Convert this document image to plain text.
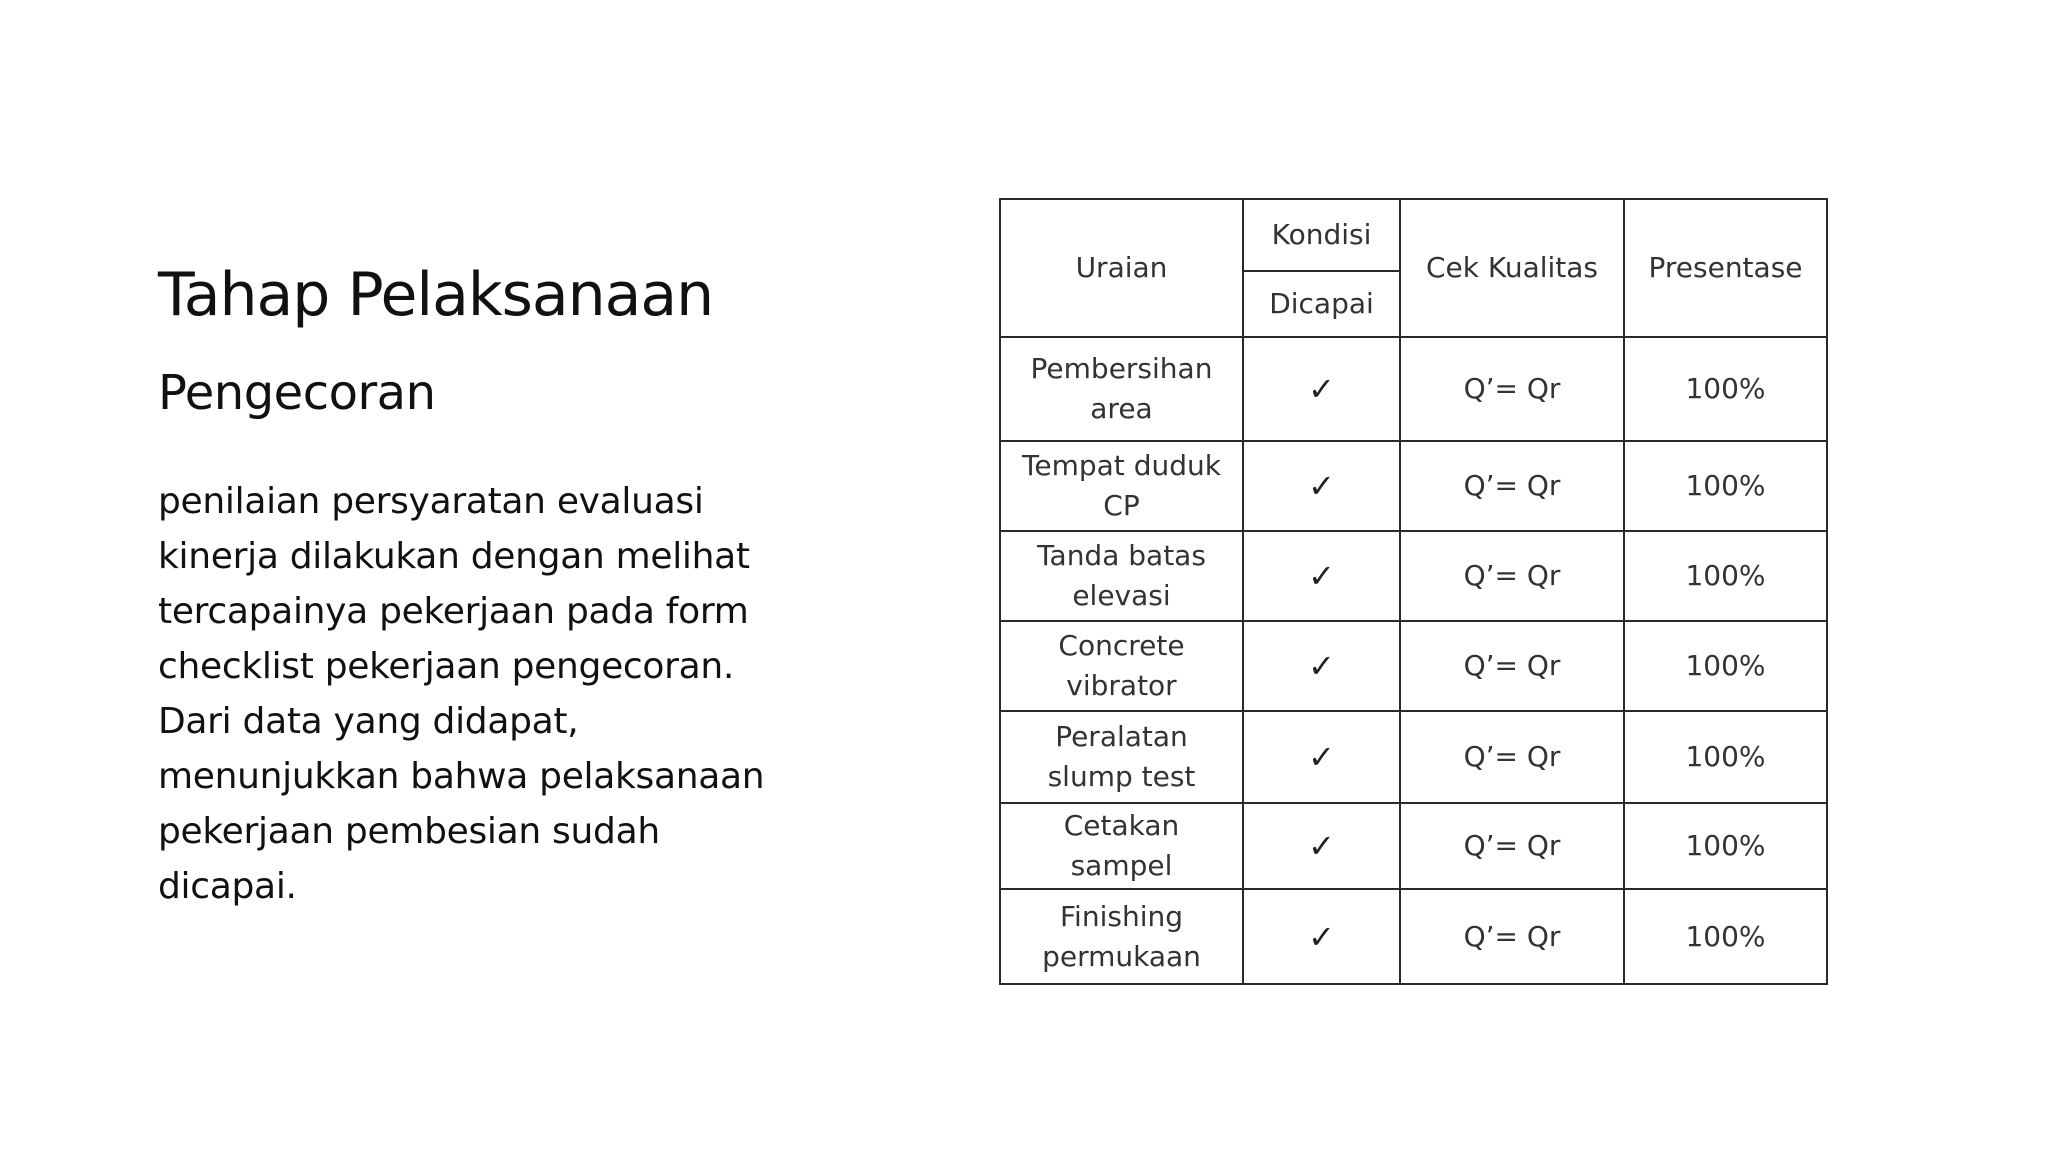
Tahap Pelaksanaan
Pengecoran

penilaian persyaratan evaluasi
kinerja dilakukan dengan melihat
tercapainya pekerjaan pada form
checklist pekerjaan pengecoran.
Dari data yang didapat,
menunjukkan bahwa pelaksanaan
pekerjaan pembesian sudah
dicapai.

Uraian	Kondisi	Cek Kualitas	Presentase
	Dicapai		

Pembersihan
area	✓	Q’= Qr	100%

Tempat duduk
CP	✓	Q’= Qr	100%

Tanda batas
elevasi	✓	Q’= Qr	100%

Concrete
vibrator	✓	Q’= Qr	100%

Peralatan
slump test	✓	Q’= Qr	100%

Cetakan
sampel	✓	Q’= Qr	100%

Finishing
permukaan	✓	Q’= Qr	100%
